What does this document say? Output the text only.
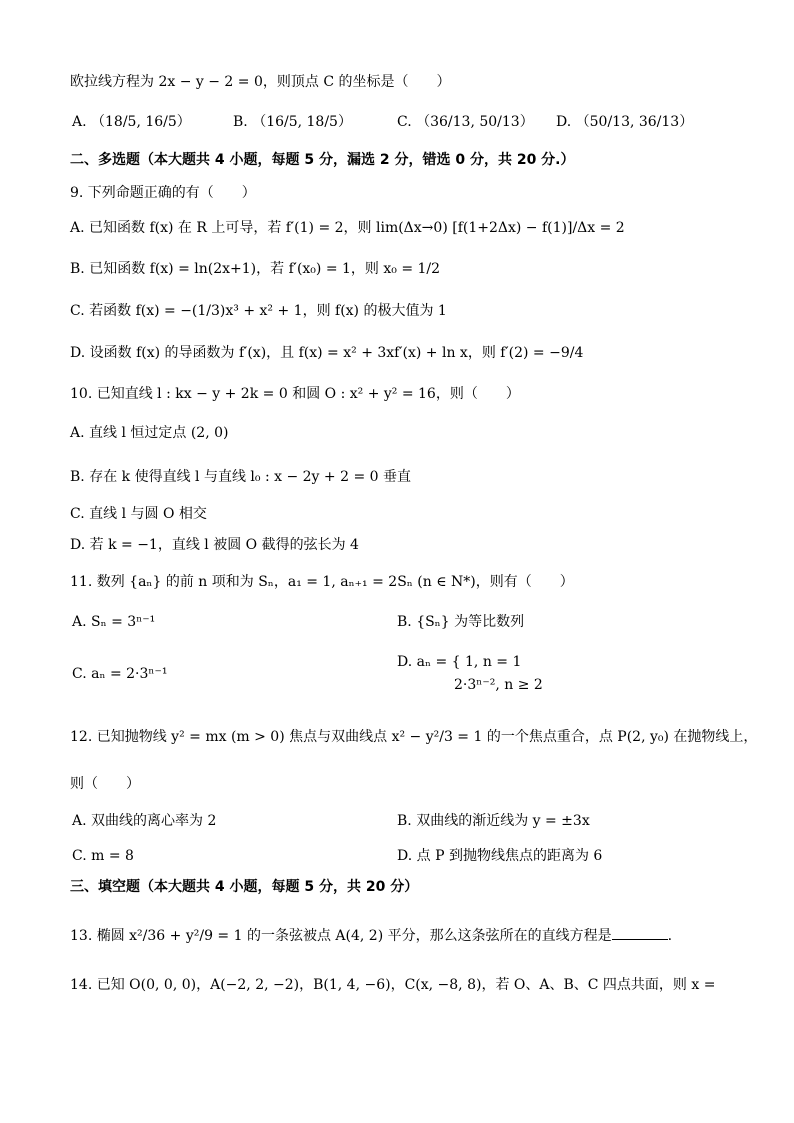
欧拉线方程为 2x − y − 2 = 0，则顶点 C 的坐标是（　　）
A. （18/5, 16/5）	B. （16/5, 18/5）	C. （36/13, 50/13） D. （50/13, 36/13）
二、多选题（本大题共 4 小题，每题 5 分，漏选 2 分，错选 0 分，共 20 分.）
9. 下列命题正确的有（　　）
A. 已知函数 f(x) 在 R 上可导，若 f′(1) = 2，则 lim(Δx→0) [f(1+2Δx) − f(1)]/Δx = 2
B. 已知函数 f(x) = ln(2x+1)，若 f′(x₀) = 1，则 x₀ = 1/2
C. 若函数 f(x) = −(1/3)x³ + x² + 1，则 f(x) 的极大值为 1
D. 设函数 f(x) 的导函数为 f′(x)，且 f(x) = x² + 3xf′(x) + ln x，则 f′(2) = −9/4
10. 已知直线 l : kx − y + 2k = 0 和圆 O : x² + y² = 16，则（　　）
A. 直线 l 恒过定点 (2, 0)
B. 存在 k 使得直线 l 与直线 l₀ : x − 2y + 2 = 0 垂直
C. 直线 l 与圆 O 相交
D. 若 k = −1，直线 l 被圆 O 截得的弦长为 4
11. 数列 {aₙ} 的前 n 项和为 Sₙ，a₁ = 1, aₙ₊₁ = 2Sₙ (n ∈ N*)，则有（　　）
A. Sₙ = 3ⁿ⁻¹	B. {Sₙ} 为等比数列
C. aₙ = 2·3ⁿ⁻¹
D. aₙ = { 1, n = 1
2·3ⁿ⁻², n ≥ 2
12. 已知抛物线 y² = mx (m > 0) 焦点与双曲线点 x² − y²/3 = 1 的一个焦点重合，点 P(2, y₀) 在抛物线上，
则（　　）
A. 双曲线的离心率为 2	B. 双曲线的渐近线为 y = ±3x
C. m = 8	D. 点 P 到抛物线焦点的距离为 6
三、填空题（本大题共 4 小题，每题 5 分，共 20 分）
13. 椭圆 x²/36 + y²/9 = 1 的一条弦被点 A(4, 2) 平分，那么这条弦所在的直线方程是	.
14. 已知 O(0, 0, 0)，A(−2, 2, −2)，B(1, 4, −6)，C(x, −8, 8)，若 O、A、B、C 四点共面，则 x =
